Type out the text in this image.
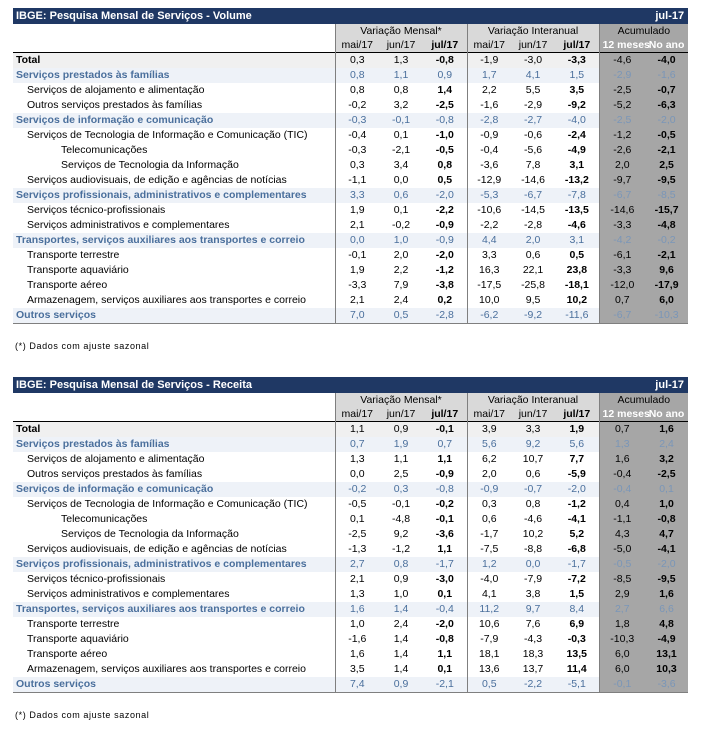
IBGE: Pesquisa Mensal de Serviços - Volume						jul-17		
	Variação Mensal*			Variação Interanual			Acumulado	
	mai/17	jun/17	jul/17	mai/17	jun/17	jul/17	12 meses	No ano
Total	0,3	1,3	-0,8	-1,9	-3,0	-3,3	-4,6	-4,0
Serviços prestados às famílias	0,8	1,1	0,9	1,7	4,1	1,5	-2,9	-1,6
Serviços de alojamento e alimentação	0,8	0,8	1,4	2,2	5,5	3,5	-2,5	-0,7
Outros serviços prestados às famílias	-0,2	3,2	-2,5	-1,6	-2,9	-9,2	-5,2	-6,3
Serviços de informação e comunicação	-0,3	-0,1	-0,8	-2,8	-2,7	-4,0	-2,5	-2,0
Serviços de Tecnologia de Informação e Comunicação (TIC)	-0,4	0,1	-1,0	-0,9	-0,6	-2,4	-1,2	-0,5
Telecomunicações	-0,3	-2,1	-0,5	-0,4	-5,6	-4,9	-2,6	-2,1
Serviços de Tecnologia da Informação	0,3	3,4	0,8	-3,6	7,8	3,1	2,0	2,5
Serviços audiovisuais, de edição e agências de notícias	-1,1	0,0	0,5	-12,9	-14,6	-13,2	-9,7	-9,5
Serviços profissionais, administrativos e complementares	3,3	0,6	-2,0	-5,3	-6,7	-7,8	-6,7	-8,5
Serviços técnico-profissionais	1,9	0,1	-2,2	-10,6	-14,5	-13,5	-14,6	-15,7
Serviços administrativos e complementares	2,1	-0,2	-0,9	-2,2	-2,8	-4,6	-3,3	-4,8
Transportes, serviços auxiliares aos transportes e correio	0,0	1,0	-0,9	4,4	2,0	3,1	-4,2	-0,2
Transporte terrestre	-0,1	2,0	-2,0	3,3	0,6	0,5	-6,1	-2,1
Transporte aquaviário	1,9	2,2	-1,2	16,3	22,1	23,8	-3,3	9,6
Transporte aéreo	-3,3	7,9	-3,8	-17,5	-25,8	-18,1	-12,0	-17,9
Armazenagem, serviços auxiliares aos transportes e correio	2,1	2,4	0,2	10,0	9,5	10,2	0,7	6,0
Outros serviços	7,0	0,5	-2,8	-6,2	-9,2	-11,6	-6,7	-10,3
(*) Dados com ajuste sazonal
IBGE: Pesquisa Mensal de Serviços - Receita						jul-17		
	Variação Mensal*			Variação Interanual			Acumulado	
	mai/17	jun/17	jul/17	mai/17	jun/17	jul/17	12 meses	No ano
Total	1,1	0,9	-0,1	3,9	3,3	1,9	0,7	1,6
Serviços prestados às famílias	0,7	1,9	0,7	5,6	9,2	5,6	1,3	2,4
Serviços de alojamento e alimentação	1,3	1,1	1,1	6,2	10,7	7,7	1,6	3,2
Outros serviços prestados às famílias	0,0	2,5	-0,9	2,0	0,6	-5,9	-0,4	-2,5
Serviços de informação e comunicação	-0,2	0,3	-0,8	-0,9	-0,7	-2,0	-0,4	0,1
Serviços de Tecnologia de Informação e Comunicação (TIC)	-0,5	-0,1	-0,2	0,3	0,8	-1,2	0,4	1,0
Telecomunicações	0,1	-4,8	-0,1	0,6	-4,6	-4,1	-1,1	-0,8
Serviços de Tecnologia da Informação	-2,5	9,2	-3,6	-1,7	10,2	5,2	4,3	4,7
Serviços audiovisuais, de edição e agências de notícias	-1,3	-1,2	1,1	-7,5	-8,8	-6,8	-5,0	-4,1
Serviços profissionais, administrativos e complementares	2,7	0,8	-1,7	1,2	0,0	-1,7	-0,5	-2,0
Serviços técnico-profissionais	2,1	0,9	-3,0	-4,0	-7,9	-7,2	-8,5	-9,5
Serviços administrativos e complementares	1,3	1,0	0,1	4,1	3,8	1,5	2,9	1,6
Transportes, serviços auxiliares aos transportes e correio	1,6	1,4	-0,4	11,2	9,7	8,4	2,7	6,6
Transporte terrestre	1,0	2,4	-2,0	10,6	7,6	6,9	1,8	4,8
Transporte aquaviário	-1,6	1,4	-0,8	-7,9	-4,3	-0,3	-10,3	-4,9
Transporte aéreo	1,6	1,4	1,1	18,1	18,3	13,5	6,0	13,1
Armazenagem, serviços auxiliares aos transportes e correio	3,5	1,4	0,1	13,6	13,7	11,4	6,0	10,3
Outros serviços	7,4	0,9	-2,1	0,5	-2,2	-5,1	-0,1	-3,6
(*) Dados com ajuste sazonal
